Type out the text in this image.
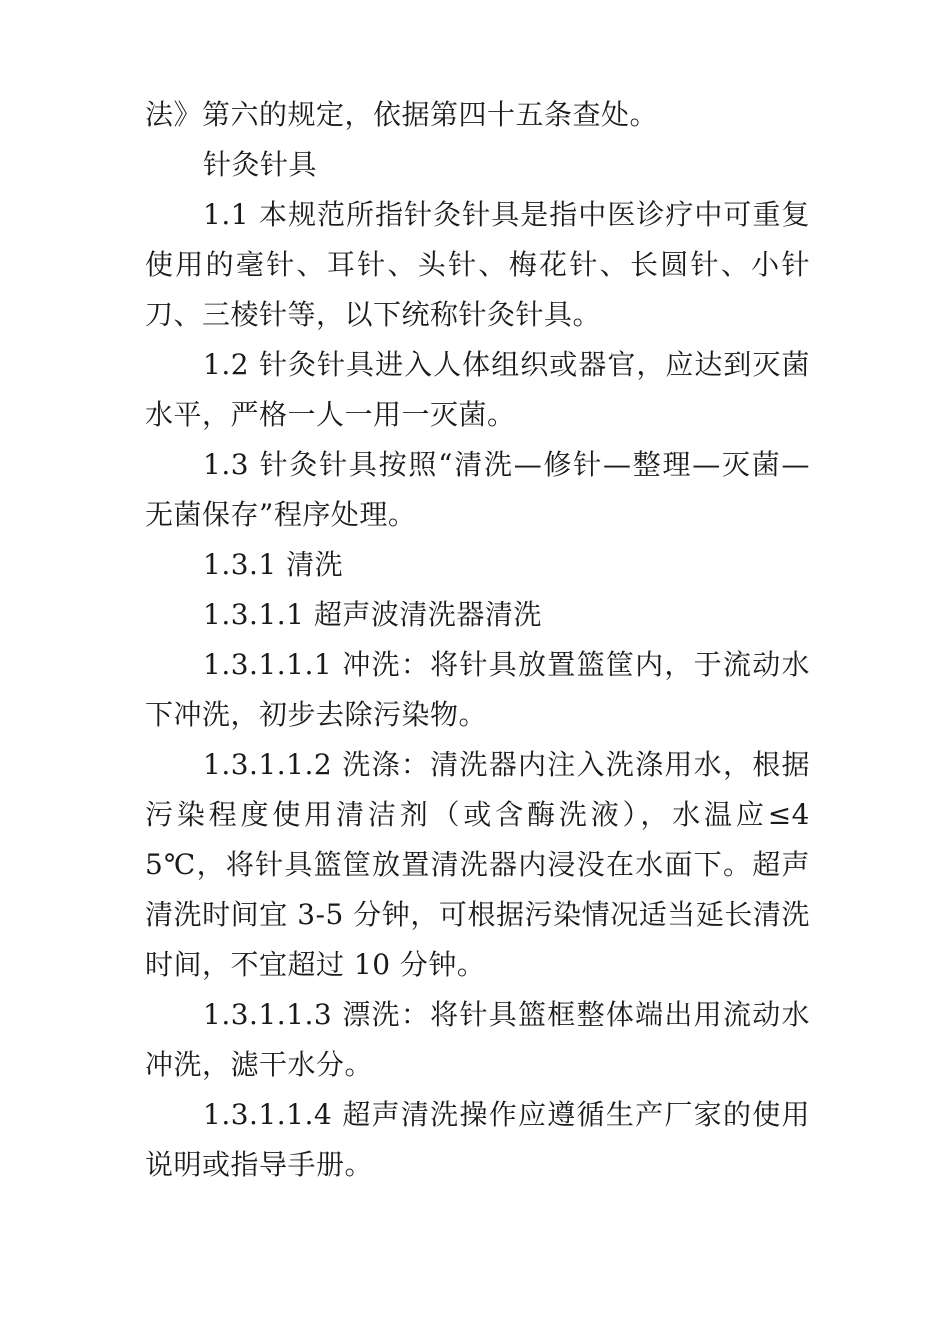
法》第六的规定，依据第四十五条查处。

针灸针具

1.1 本规范所指针灸针具是指中医诊疗中可重复使用的毫针、耳针、头针、梅花针、长圆针、小针刀、三棱针等，以下统称针灸针具。

1.2 针灸针具进入人体组织或器官，应达到灭菌水平，严格一人一用一灭菌。

1.3 针灸针具按照“清洗—修针—整理—灭菌—无菌保存”程序处理。

1.3.1 清洗

1.3.1.1 超声波清洗器清洗

1.3.1.1.1 冲洗：将针具放置篮筐内，于流动水下冲洗，初步去除污染物。

1.3.1.1.2 洗涤：清洗器内注入洗涤用水，根据污染程度使用清洁剂（或含酶洗液），水温应≤45℃，将针具篮筐放置清洗器内浸没在水面下。超声清洗时间宜 3-5 分钟，可根据污染情况适当延长清洗时间，不宜超过 10 分钟。

1.3.1.1.3 漂洗：将针具篮框整体端出用流动水冲洗，滤干水分。

1.3.1.1.4 超声清洗操作应遵循生产厂家的使用说明或指导手册。
